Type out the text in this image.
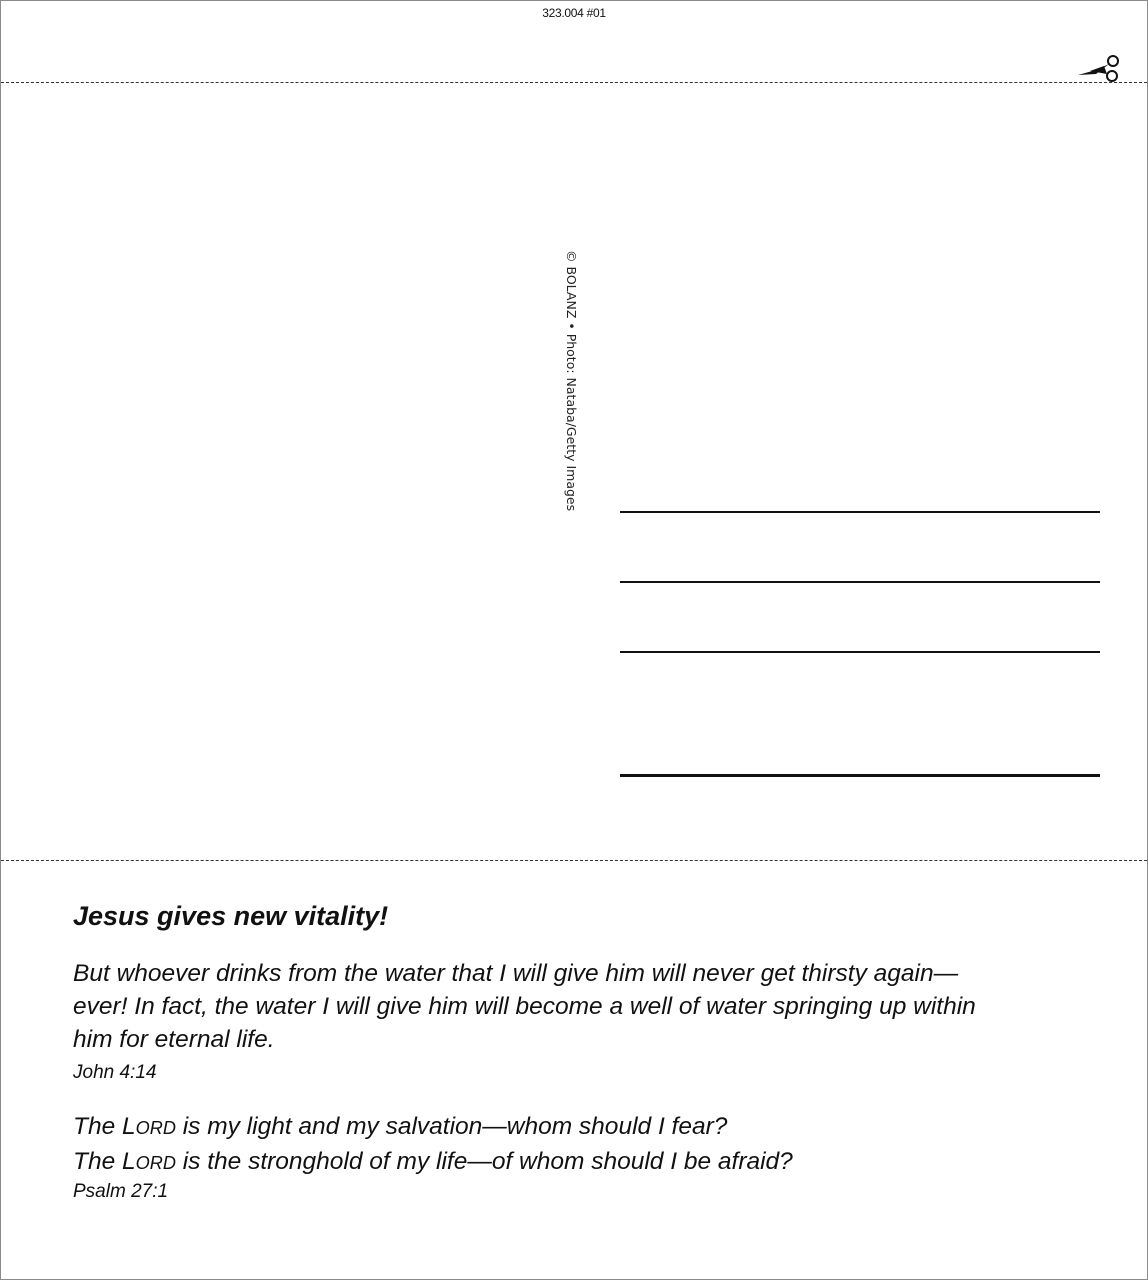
323.004 #01
© BOLANZ • Photo: Nataba/Getty Images
Jesus gives new vitality!

But whoever drinks from the water that I will give him will never get thirsty again—
ever! In fact, the water I will give him will become a well of water springing up within
him for eternal life.

John 4:14

The LORD is my light and my salvation—whom should I fear?
The LORD is the stronghold of my life—of whom should I be afraid?

Psalm 27:1
